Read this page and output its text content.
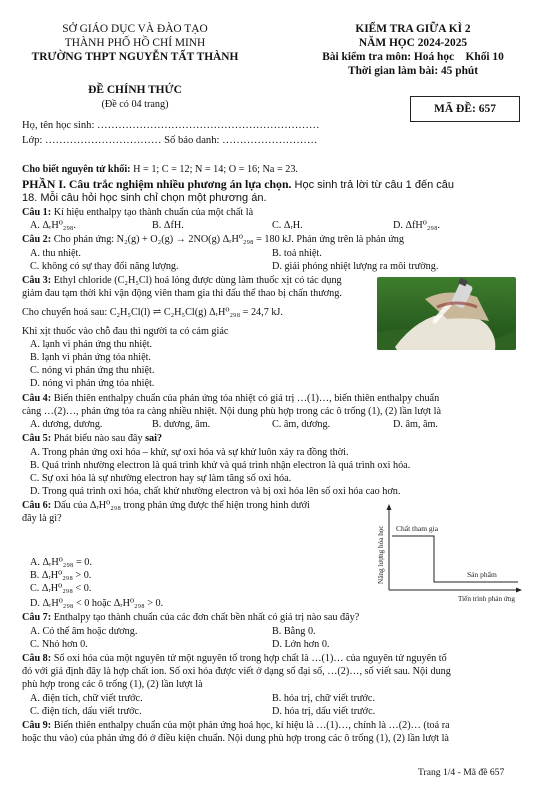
SỞ GIÁO DỤC VÀ ĐÀO TẠO
THÀNH PHỐ HỒ CHÍ MINH
TRƯỜNG THPT NGUYỄN TẤT THÀNH
ĐỀ CHÍNH THỨC
(Đề có 04 trang)
KIỂM TRA GIỮA KÌ 2
NĂM HỌC 2024-2025
Bài kiểm tra môn: Hoá học    Khối 10
Thời gian làm bài: 45 phút
MÃ ĐỀ: 657
Họ, tên học sinh: ………………………………………………………
Lớp: …………………………… Số báo danh: ………………………
Cho biết nguyên tử khối: H = 1; C = 12; N = 14; O = 16; Na = 23.
PHẦN I. Câu trắc nghiệm nhiều phương án lựa chọn. Học sinh trả lời từ câu 1 đến câu
18. Mỗi câu hỏi học sinh chỉ chọn một phương án.
Câu 1: Kí hiệu enthalpy tạo thành chuẩn của một chất là
A. ΔᵣH⁰₂₉₈.	B. ΔfH.	C. ΔᵣH.	D. ΔfH⁰₂₉₈.
Câu 2: Cho phản ứng: N₂(g) + O₂(g) → 2NO(g) ΔᵣH⁰₂₉₈ = 180 kJ. Phản ứng trên là phản ứng
A. thu nhiệt.	B. toả nhiệt.
C. không có sự thay đổi năng lượng.	D. giải phóng nhiệt lượng ra môi trường.
Câu 3: Ethyl chloride (C₂H₅Cl) hoá lỏng được dùng làm thuốc xịt có tác dụng
giảm đau tạm thời khi vận động viên tham gia thi đấu thể thao bị chấn thương.
Cho chuyển hoá sau: C₂H₅Cl(l) ⇌ C₂H₅Cl(g) ΔᵣH⁰₂₉₈ = 24,7 kJ.
Khi xịt thuốc vào chỗ đau thì người ta có cảm giác
A. lạnh vì phản ứng thu nhiệt.
B. lạnh vì phản ứng tỏa nhiệt.
C. nóng vì phản ứng thu nhiệt.
D. nóng vì phản ứng tỏa nhiệt.
Câu 4: Biến thiên enthalpy chuẩn của phản ứng tỏa nhiệt có giá trị …(1)…, biến thiên enthalpy chuẩn
càng …(2)…, phản ứng tỏa ra càng nhiều nhiệt. Nội dung phù hợp trong các ô trống (1), (2) lần lượt là
A. dương, dương.	B. dương, âm.	C. âm, dương.	D. âm, âm.
Câu 5: Phát biểu nào sau đây sai?
A. Trong phản ứng oxi hóa – khử, sự oxi hóa và sự khử luôn xảy ra đồng thời.
B. Quá trình nhường electron là quá trình khử và quá trình nhận electron là quá trình oxi hóa.
C. Sự oxi hóa là sự nhường electron hay sự làm tăng số oxi hóa.
D. Trong quá trình oxi hóa, chất khử nhường electron và bị oxi hóa lên số oxi hóa cao hơn.
Câu 6: Dấu của ΔᵣH⁰₂₉₈ trong phản ứng được thể hiện trong hình dưới
đây là gì?
A. ΔᵣH⁰₂₉₈ = 0.
B. ΔᵣH⁰₂₉₈ > 0.
C. ΔᵣH⁰₂₉₈ < 0.
D. ΔᵣH⁰₂₉₈ < 0 hoặc ΔᵣH⁰₂₉₈ > 0.
Chất tham gia
Sản phẩm
Tiến trình phản ứng
Năng lượng hóa học
Câu 7: Enthalpy tạo thành chuẩn của các đơn chất bền nhất có giá trị nào sau đây?
A. Có thể âm hoặc dương.	B. Bằng 0.
C. Nhỏ hơn 0.	D. Lớn hơn 0.
Câu 8: Số oxi hóa của một nguyên tử một nguyên tố trong hợp chất là …(1)… của nguyên tử nguyên tố
đó với giả định đây là hợp chất ion. Số oxi hóa được viết ở dạng số đại số, …(2)…, số viết sau. Nội dung
phù hợp trong các ô trống (1), (2) lần lượt là
A. điện tích, chữ viết trước.	B. hóa trị, chữ viết trước.
C. điện tích, dấu viết trước.	D. hóa trị, dấu viết trước.
Câu 9: Biến thiên enthalpy chuẩn của một phản ứng hoá học, kí hiệu là …(1)…, chính là …(2)… (toả ra
hoặc thu vào) của phản ứng đó ở điều kiện chuẩn. Nội dung phù hợp trong các ô trống (1), (2) lần lượt là
Trang 1/4 - Mã đề 657
